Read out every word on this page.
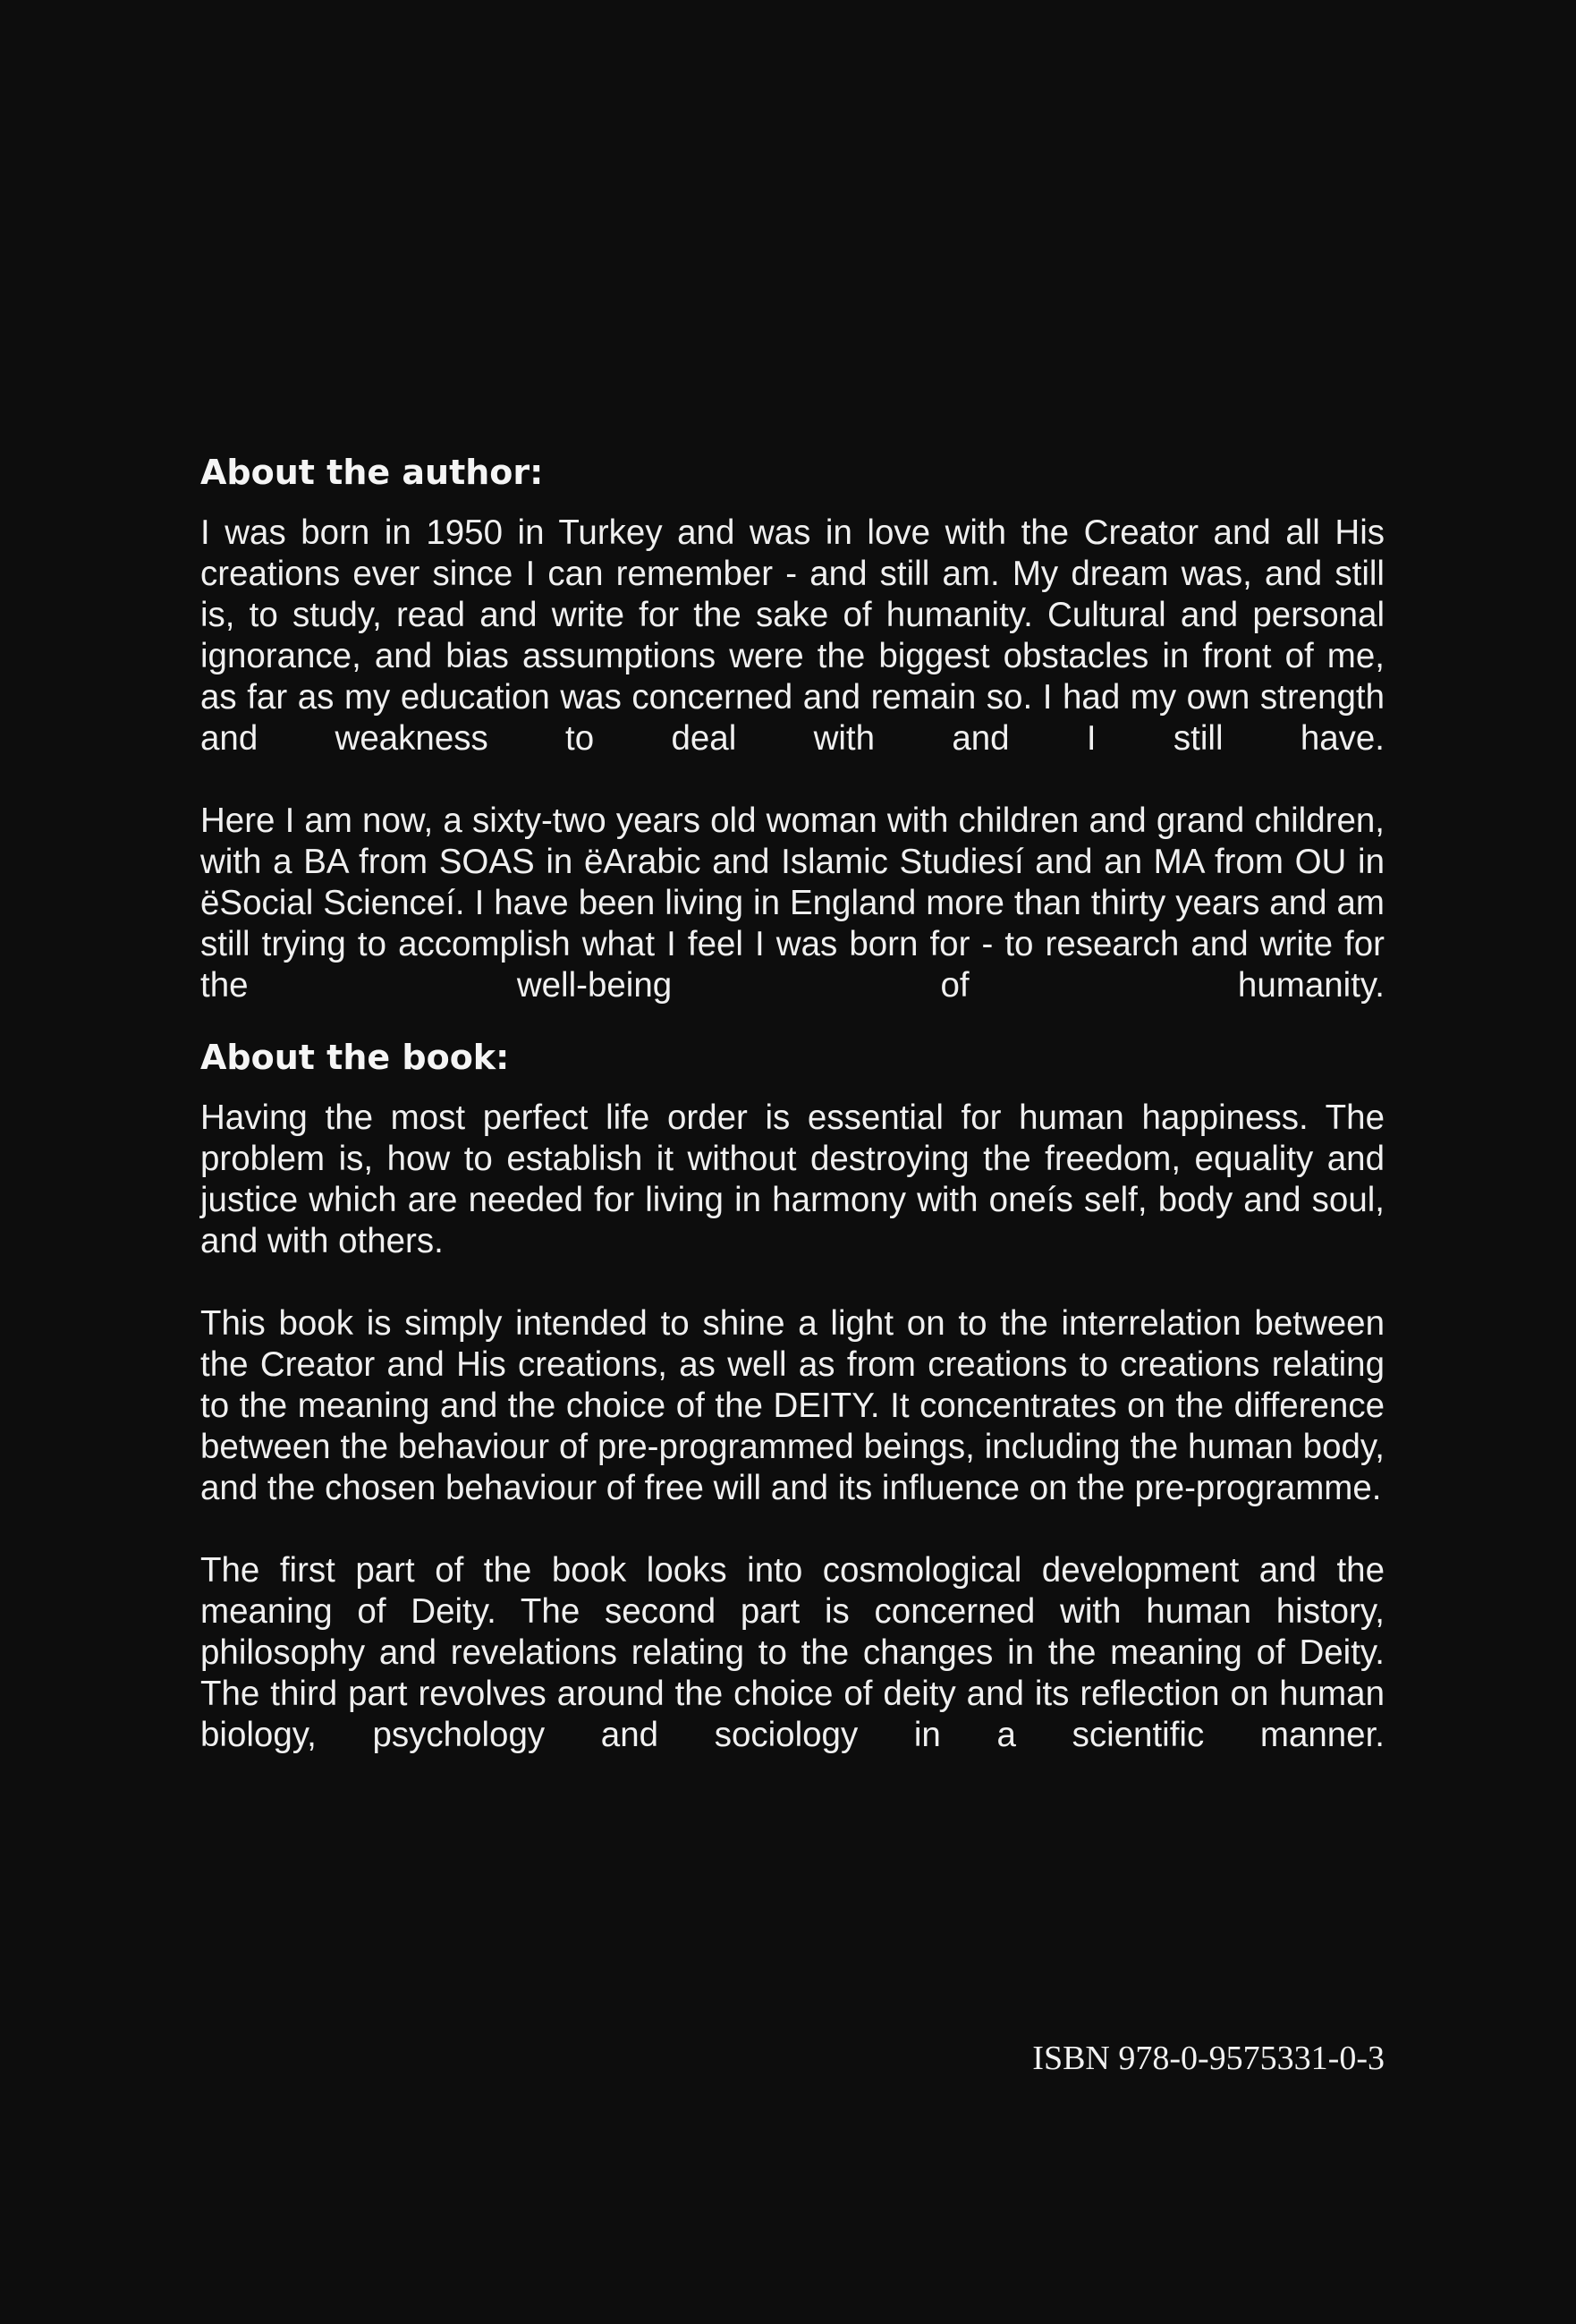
About the author:

I was born in 1950 in Turkey and was in love with the Creator and all His creations ever since I can remember - and still am. My dream was, and still is, to study, read and write for the sake of humanity. Cultural and personal ignorance, and bias assumptions were the biggest obstacles in front of me, as far as my education was concerned and remain so. I had my own strength and weakness to deal with and I still have.

Here I am now, a sixty-two years old woman with children and grand children, with a BA from SOAS in ëArabic and Islamic Studiesí and an MA from OU in ëSocial Scienceí. I have been living in England more than thirty years and am still trying to accomplish what I feel I was born for - to research and write for the well-being of humanity.

About the book:

Having the most perfect life order is essential for human happiness. The problem is, how to establish it without destroying the freedom, equality and justice which are needed for living in harmony with oneís self, body and soul, and with others.

This book is simply intended to shine a light on to the interrelation between the Creator and His creations, as well as from creations to creations relating to the meaning and the choice of the DEITY. It concentrates on the difference between the behaviour of pre-programmed beings, including the human body, and the chosen behaviour of free will and its influence on the pre-programme.

The first part of the book looks into cosmological development and the meaning of Deity. The second part is concerned with human history, philosophy and revelations relating to the changes in the meaning of Deity. The third part revolves around the choice of deity and its reflection on human biology, psychology and sociology in a scientific manner.

ISBN 978-0-9575331-0-3
